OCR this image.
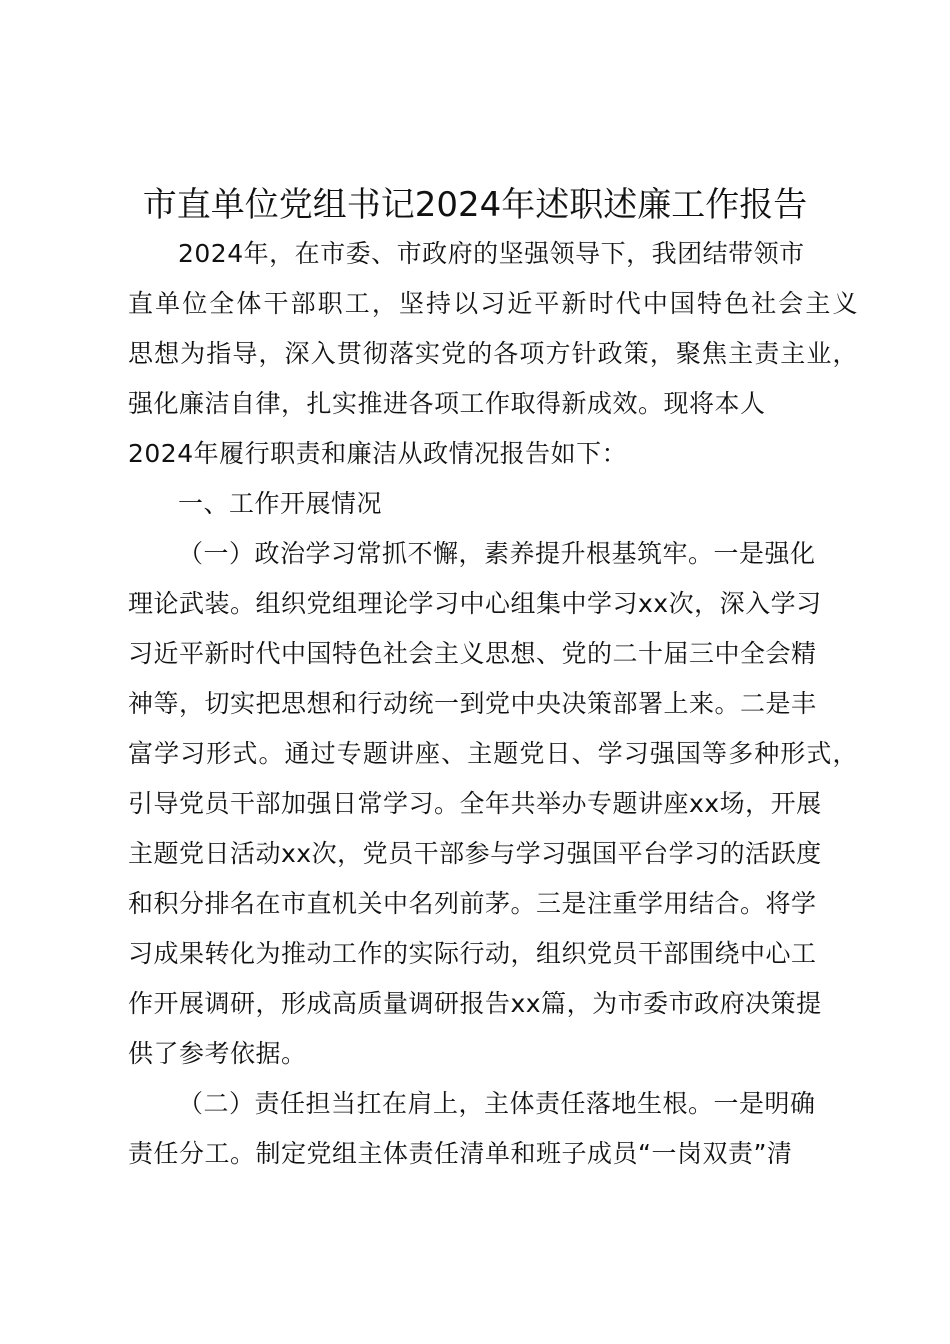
市直单位党组书记2024年述职述廉工作报告
2024年，在市委、市政府的坚强领导下，我团结带领市
直单位全体干部职工，坚持以习近平新时代中国特色社会主义
思想为指导，深入贯彻落实党的各项方针政策，聚焦主责主业，
强化廉洁自律，扎实推进各项工作取得新成效。现将本人
2024年履行职责和廉洁从政情况报告如下：
一、工作开展情况
（一）政治学习常抓不懈，素养提升根基筑牢。一是强化
理论武装。组织党组理论学习中心组集中学习xx次，深入学习
习近平新时代中国特色社会主义思想、党的二十届三中全会精
神等，切实把思想和行动统一到党中央决策部署上来。二是丰
富学习形式。通过专题讲座、主题党日、学习强国等多种形式，
引导党员干部加强日常学习。全年共举办专题讲座xx场，开展
主题党日活动xx次，党员干部参与学习强国平台学习的活跃度
和积分排名在市直机关中名列前茅。三是注重学用结合。将学
习成果转化为推动工作的实际行动，组织党员干部围绕中心工
作开展调研，形成高质量调研报告xx篇，为市委市政府决策提
供了参考依据。
（二）责任担当扛在肩上，主体责任落地生根。一是明确
责任分工。制定党组主体责任清单和班子成员“一岗双责”清
